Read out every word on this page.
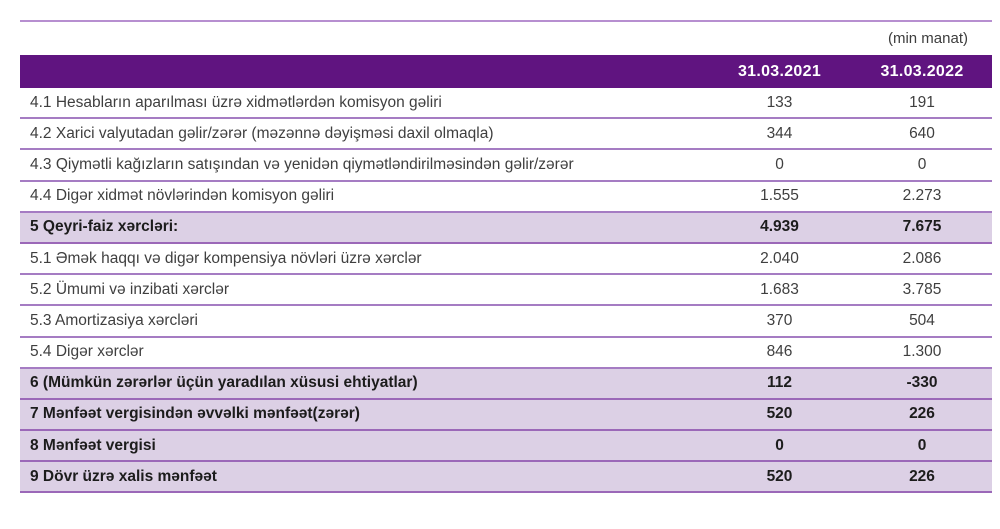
(min manat)
31.03.2021	31.03.2022
4.1 Hesabların aparılması üzrə xidmətlərdən komisyon gəliri	133	191
4.2 Xarici valyutadan gəlir/zərər (məzənnə dəyişməsi daxil olmaqla)	344	640
4.3 Qiymətli kağızların satışından və yenidən qiymətləndirilməsindən gəlir/zərər	0	0
4.4 Digər xidmət növlərindən komisyon gəliri	1.555	2.273
5 Qeyri-faiz xərcləri:	4.939	7.675
5.1 Əmək haqqı və digər kompensiya növləri üzrə xərclər	2.040	2.086
5.2 Ümumi və inzibati xərclər	1.683	3.785
5.3 Amortizasiya xərcləri	370	504
5.4 Digər xərclər	846	1.300
6 (Mümkün zərərlər üçün yaradılan xüsusi ehtiyatlar)	112	-330
7 Mənfəət vergisindən əvvəlki mənfəət(zərər)	520	226
8 Mənfəət vergisi	0	0
9 Dövr üzrə xalis mənfəət	520	226
